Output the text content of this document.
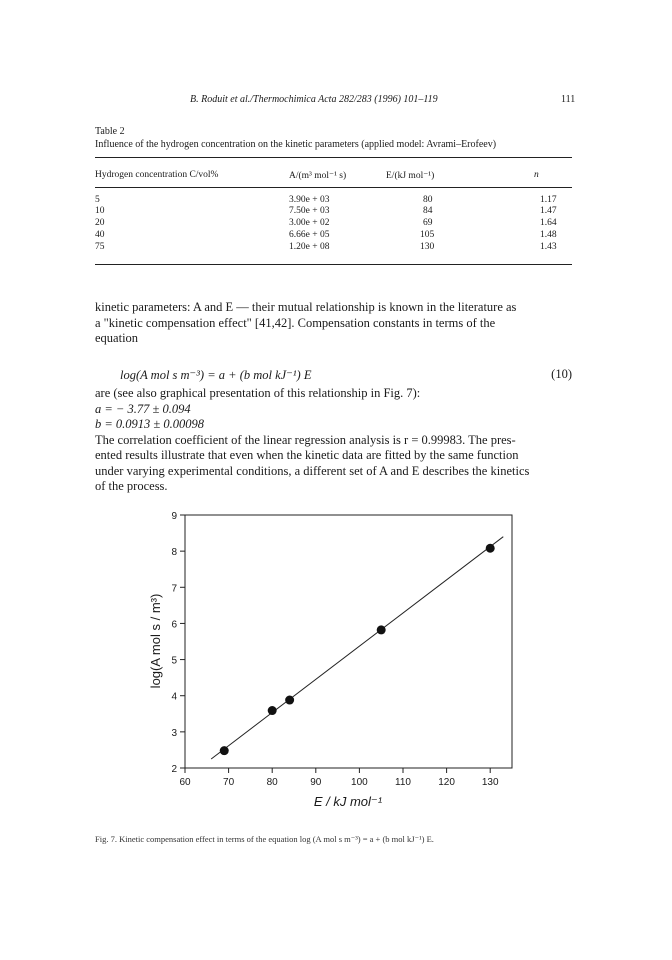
B. Roduit et al./Thermochimica Acta 282/283 (1996) 101–119	111
Table 2
Influence of the hydrogen concentration on the kinetic parameters (applied model: Avrami–Erofeev)
Hydrogen concentration C/vol%	A/(m³ mol⁻¹ s)	E/(kJ mol⁻¹)	n
5	3.90e + 03	80	1.17
10	7.50e + 03	84	1.47
20	3.00e + 02	69	1.64
40	6.66e + 05	105	1.48
75	1.20e + 08	130	1.43
kinetic parameters: A and E — their mutual relationship is known in the literature as
a "kinetic compensation effect" [41,42]. Compensation constants in terms of the
equation
log(A mol s m⁻³) = a + (b mol kJ⁻¹) E	(10)
are (see also graphical presentation of this relationship in Fig. 7):
a = − 3.77 ± 0.094
b = 0.0913 ± 0.00098
The correlation coefficient of the linear regression analysis is r = 0.99983. The pres-
ented results illustrate that even when the kinetic data are fitted by the same function
under varying experimental conditions, a different set of A and E describes the kinetics
of the process.
60	70	80	90	100	110	120	130
2
3
4
5
6
7
8
9
log(A mol s / m³)
E / kJ mol⁻¹
Fig. 7. Kinetic compensation effect in terms of the equation log (A mol s m⁻³) = a + (b mol kJ⁻¹) E.
